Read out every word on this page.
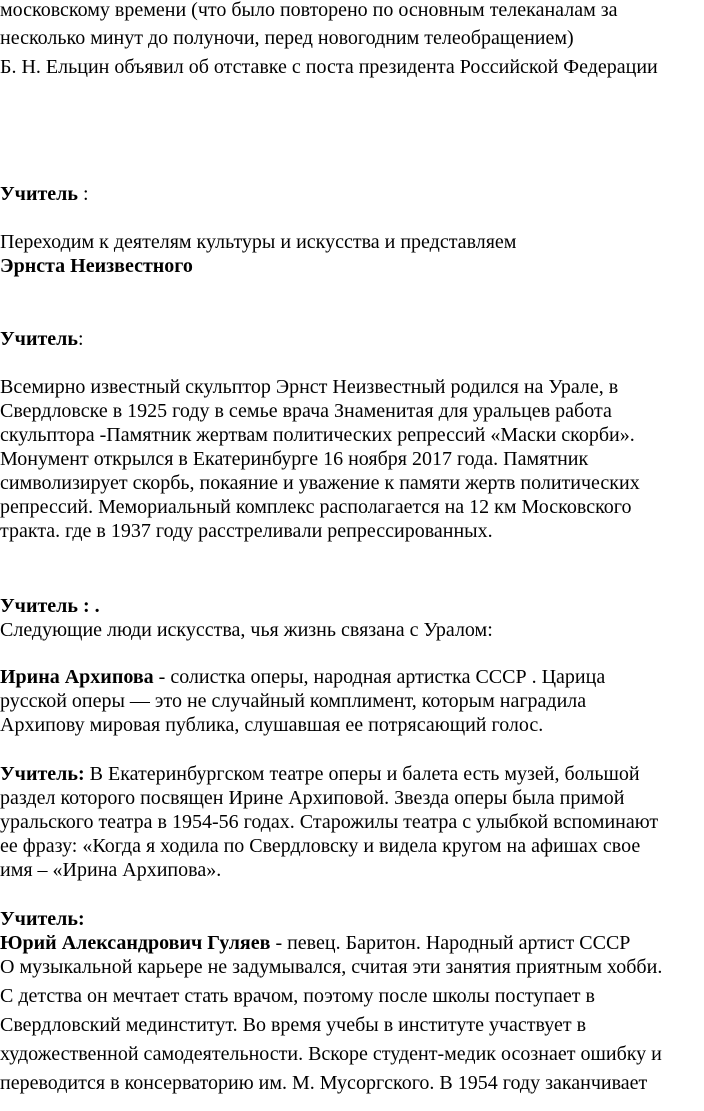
московскому времени (что было повторено по основным телеканалам за
несколько минут до полуночи, перед новогодним телеобращением)
Б. Н. Ельцин объявил об отставке с поста президента Российской Федерации
Учитель :
Переходим к деятелям культуры и искусства и представляем
Эрнста Неизвестного
Учитель:
Всемирно известный скульптор Эрнст Неизвестный родился на Урале, в
Свердловске в 1925 году в семье врача Знаменитая для уральцев работа
скульптора -Памятник жертвам политических репрессий «Маски скорби».
Монумент открылся в Екатеринбурге 16 ноября 2017 года. Памятник
символизирует скорбь, покаяние и уважение к памяти жертв политических
репрессий. Мемориальный комплекс располагается на 12 км Московского
тракта. где в 1937 году расстреливали репрессированных.
Учитель : .
Следующие люди искусства, чья жизнь связана с Уралом:
Ирина Архипова - солистка оперы, народная артистка СССР . Царица
русской оперы — это не случайный комплимент, которым наградила
Архипову мировая публика, слушавшая ее потрясающий голос.
Учитель: В Екатеринбургском театре оперы и балета есть музей, большой
раздел которого посвящен Ирине Архиповой. Звезда оперы была примой
уральского театра в 1954-56 годах. Старожилы театра с улыбкой вспоминают
ее фразу: «Когда я ходила по Свердловску и видела кругом на афишах свое
имя – «Ирина Архипова».
Учитель:
Юрий Александрович Гуляев - певец. Баритон. Народный артист СССР
О музыкальной карьере не задумывался, считая эти занятия приятным хобби.
С детства он мечтает стать врачом, поэтому после школы поступает в
Свердловский мединститут. Во время учебы в институте участвует в
художественной самодеятельности. Вскоре студент-медик осознает ошибку и
переводится в консерваторию им. М. Мусоргского. В 1954 году заканчивает
